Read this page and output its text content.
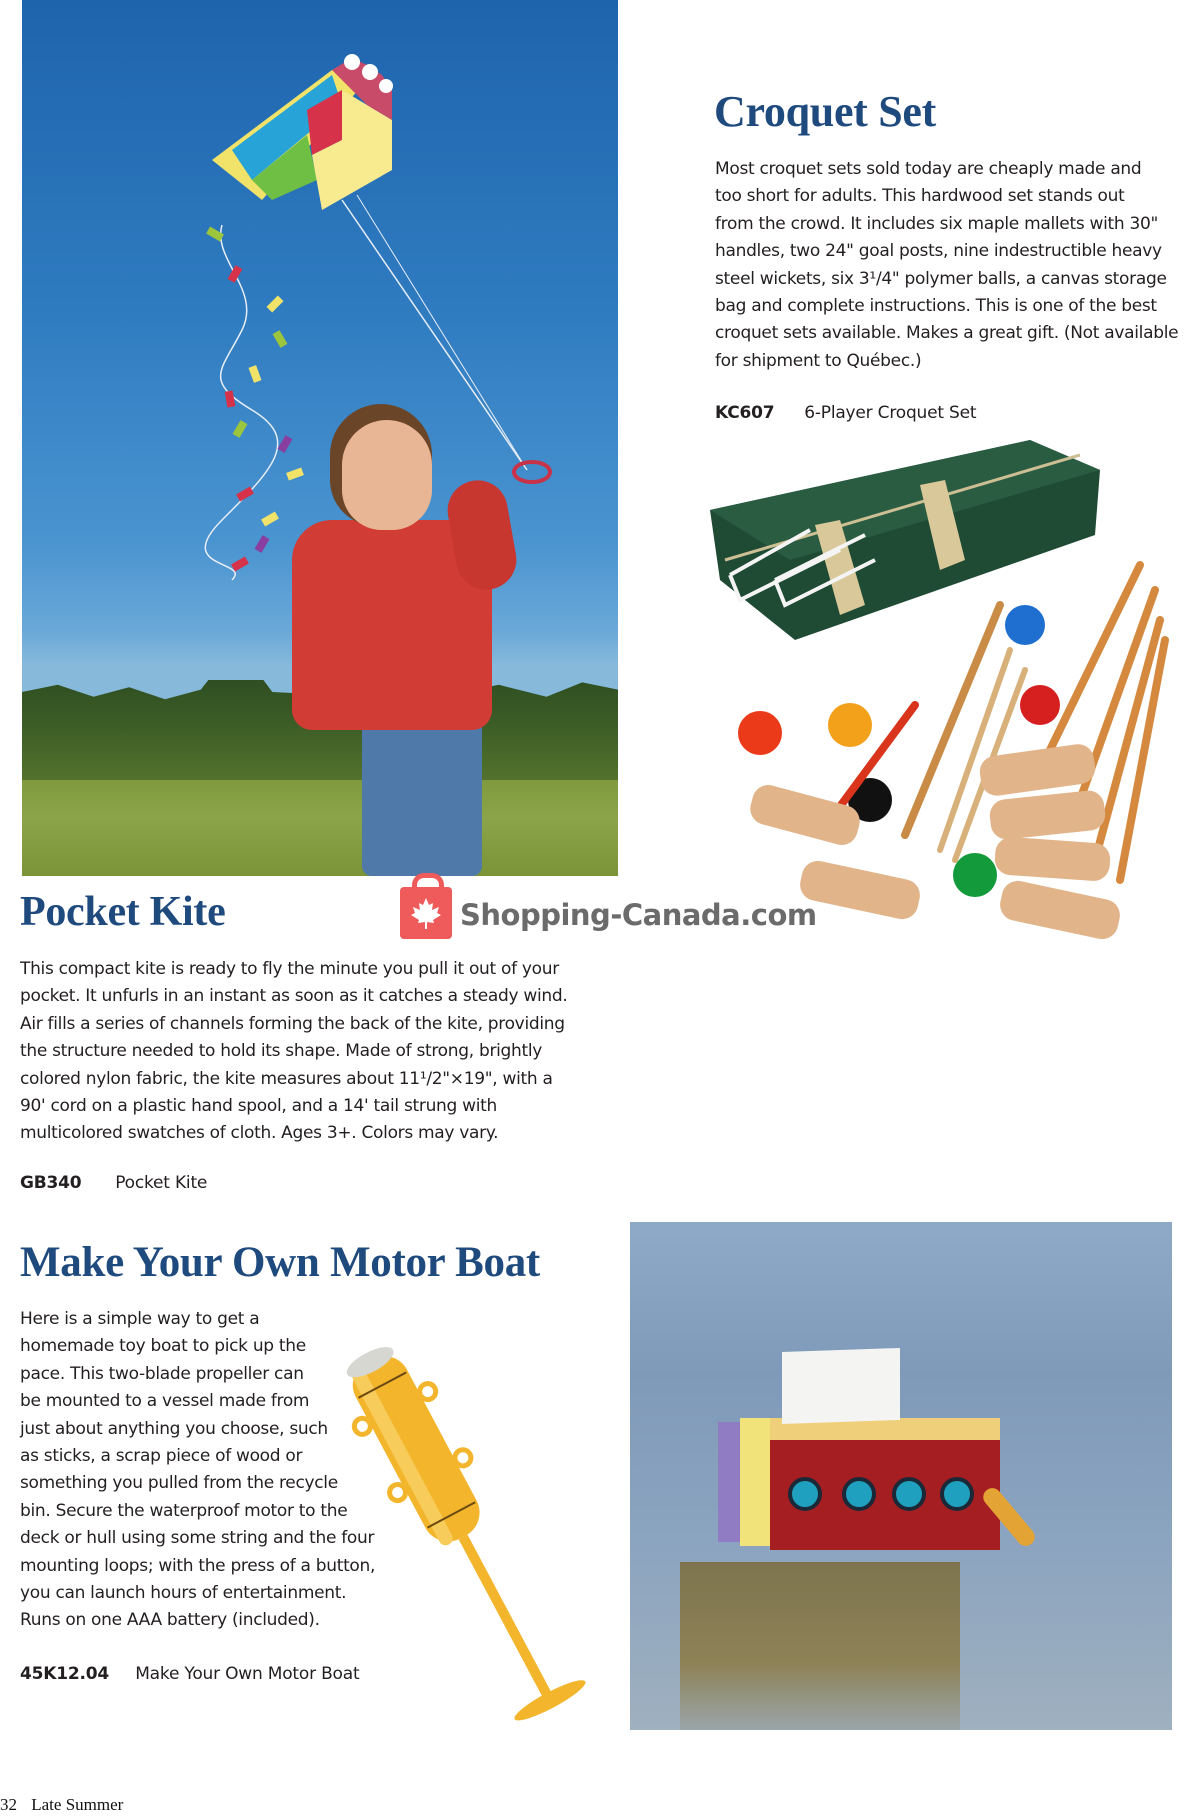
Croquet Set
Most croquet sets sold today are cheaply made and
too short for adults. This hardwood set stands out
from the crowd. It includes six maple mallets with 30"
handles, two 24" goal posts, nine indestructible heavy
steel wickets, six 3¹/4" polymer balls, a canvas storage
bag and complete instructions. This is one of the best
croquet sets available. Makes a great gift. (Not available
for shipment to Québec.)
KC607 6-Player Croquet Set
Shopping-Canada.com
Pocket Kite
This compact kite is ready to fly the minute you pull it out of your
pocket. It unfurls in an instant as soon as it catches a steady wind.
Air fills a series of channels forming the back of the kite, providing
the structure needed to hold its shape. Made of strong, brightly
colored nylon fabric, the kite measures about 11¹/2"×19", with a
90' cord on a plastic hand spool, and a 14' tail strung with
multicolored swatches of cloth. Ages 3+. Colors may vary.
GB340 Pocket Kite
Make Your Own Motor Boat
Here is a simple way to get a
homemade toy boat to pick up the
pace. This two-blade propeller can
be mounted to a vessel made from
just about anything you choose, such
as sticks, a scrap piece of wood or
something you pulled from the recycle
bin. Secure the waterproof motor to the
deck or hull using some string and the four
mounting loops; with the press of a button,
you can launch hours of entertainment.
Runs on one AAA battery (included).
45K12.04 Make Your Own Motor Boat
32 Late Summer
